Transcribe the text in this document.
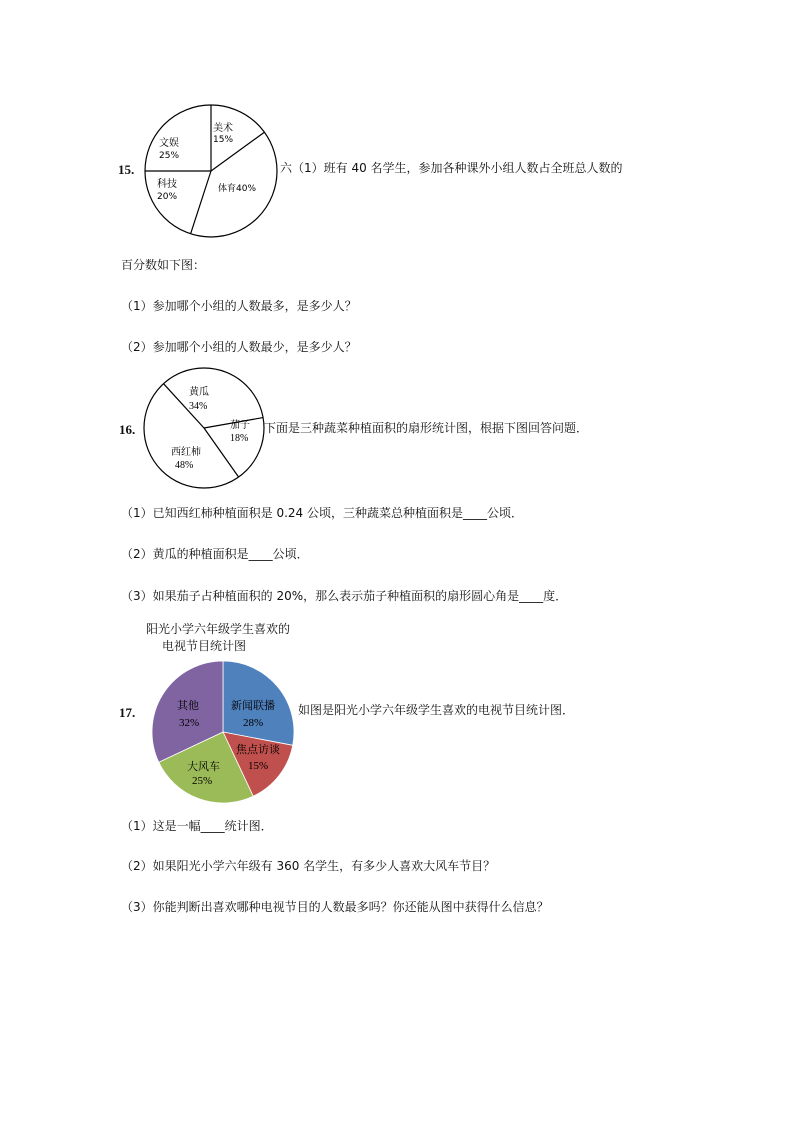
15.
美术
15%
文娱
25%
科技
20%
体育40%
六（1）班有 40 名学生，参加各种课外小组人数占全班总人数的
百分数如下图：
（1）参加哪个小组的人数最多，是多少人？
（2）参加哪个小组的人数最少，是多少人？
16.
黄瓜
34%
茄子
18%
西红柿
48%
下面是三种蔬菜种植面积的扇形统计图，根据下图回答问题．
（1）已知西红柿种植面积是 0.24 公顷，三种蔬菜总种植面积是____公顷．
（2）黄瓜的种植面积是____公顷．
（3）如果茄子占种植面积的 20%，那么表示茄子种植面积的扇形圆心角是____度．
阳光小学六年级学生喜欢的
电视节目统计图
17.	其他
32%
新闻联播
28%
焦点访谈
15%
大风车
25%
如图是阳光小学六年级学生喜欢的电视节目统计图．
（1）这是一幅____统计图．
（2）如果阳光小学六年级有 360 名学生，有多少人喜欢大风车节目？
（3）你能判断出喜欢哪种电视节目的人数最多吗？你还能从图中获得什么信息？
